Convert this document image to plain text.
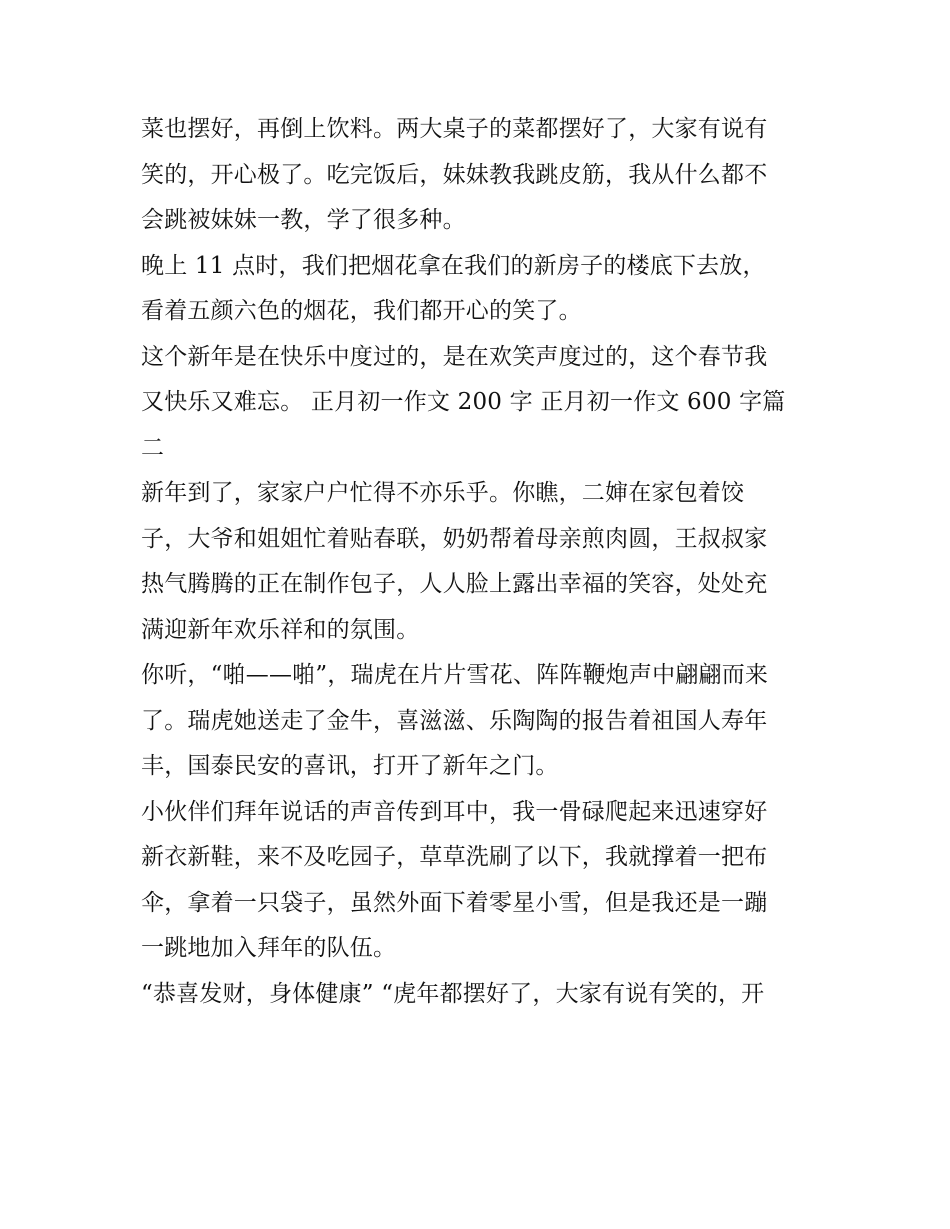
菜也摆好，再倒上饮料。两大桌子的菜都摆好了，大家有说有
笑的，开心极了。吃完饭后，妹妹教我跳皮筋，我从什么都不
会跳被妹妹一教，学了很多种。
晚上 11 点时，我们把烟花拿在我们的新房子的楼底下去放，
看着五颜六色的烟花，我们都开心的笑了。
这个新年是在快乐中度过的，是在欢笑声度过的，这个春节我
又快乐又难忘。 正月初一作文 200 字 正月初一作文 600 字篇
二
新年到了，家家户户忙得不亦乐乎。你瞧，二婶在家包着饺
子，大爷和姐姐忙着贴春联，奶奶帮着母亲煎肉圆，王叔叔家
热气腾腾的正在制作包子，人人脸上露出幸福的笑容，处处充
满迎新年欢乐祥和的氛围。
你听，“啪——啪”，瑞虎在片片雪花、阵阵鞭炮声中翩翩而来
了。瑞虎她送走了金牛，喜滋滋、乐陶陶的报告着祖国人寿年
丰，国泰民安的喜讯，打开了新年之门。
小伙伴们拜年说话的声音传到耳中，我一骨碌爬起来迅速穿好
新衣新鞋，来不及吃园子，草草洗刷了以下，我就撑着一把布
伞，拿着一只袋子，虽然外面下着零星小雪，但是我还是一蹦
一跳地加入拜年的队伍。
“恭喜发财，身体健康” “虎年都摆好了，大家有说有笑的，开
